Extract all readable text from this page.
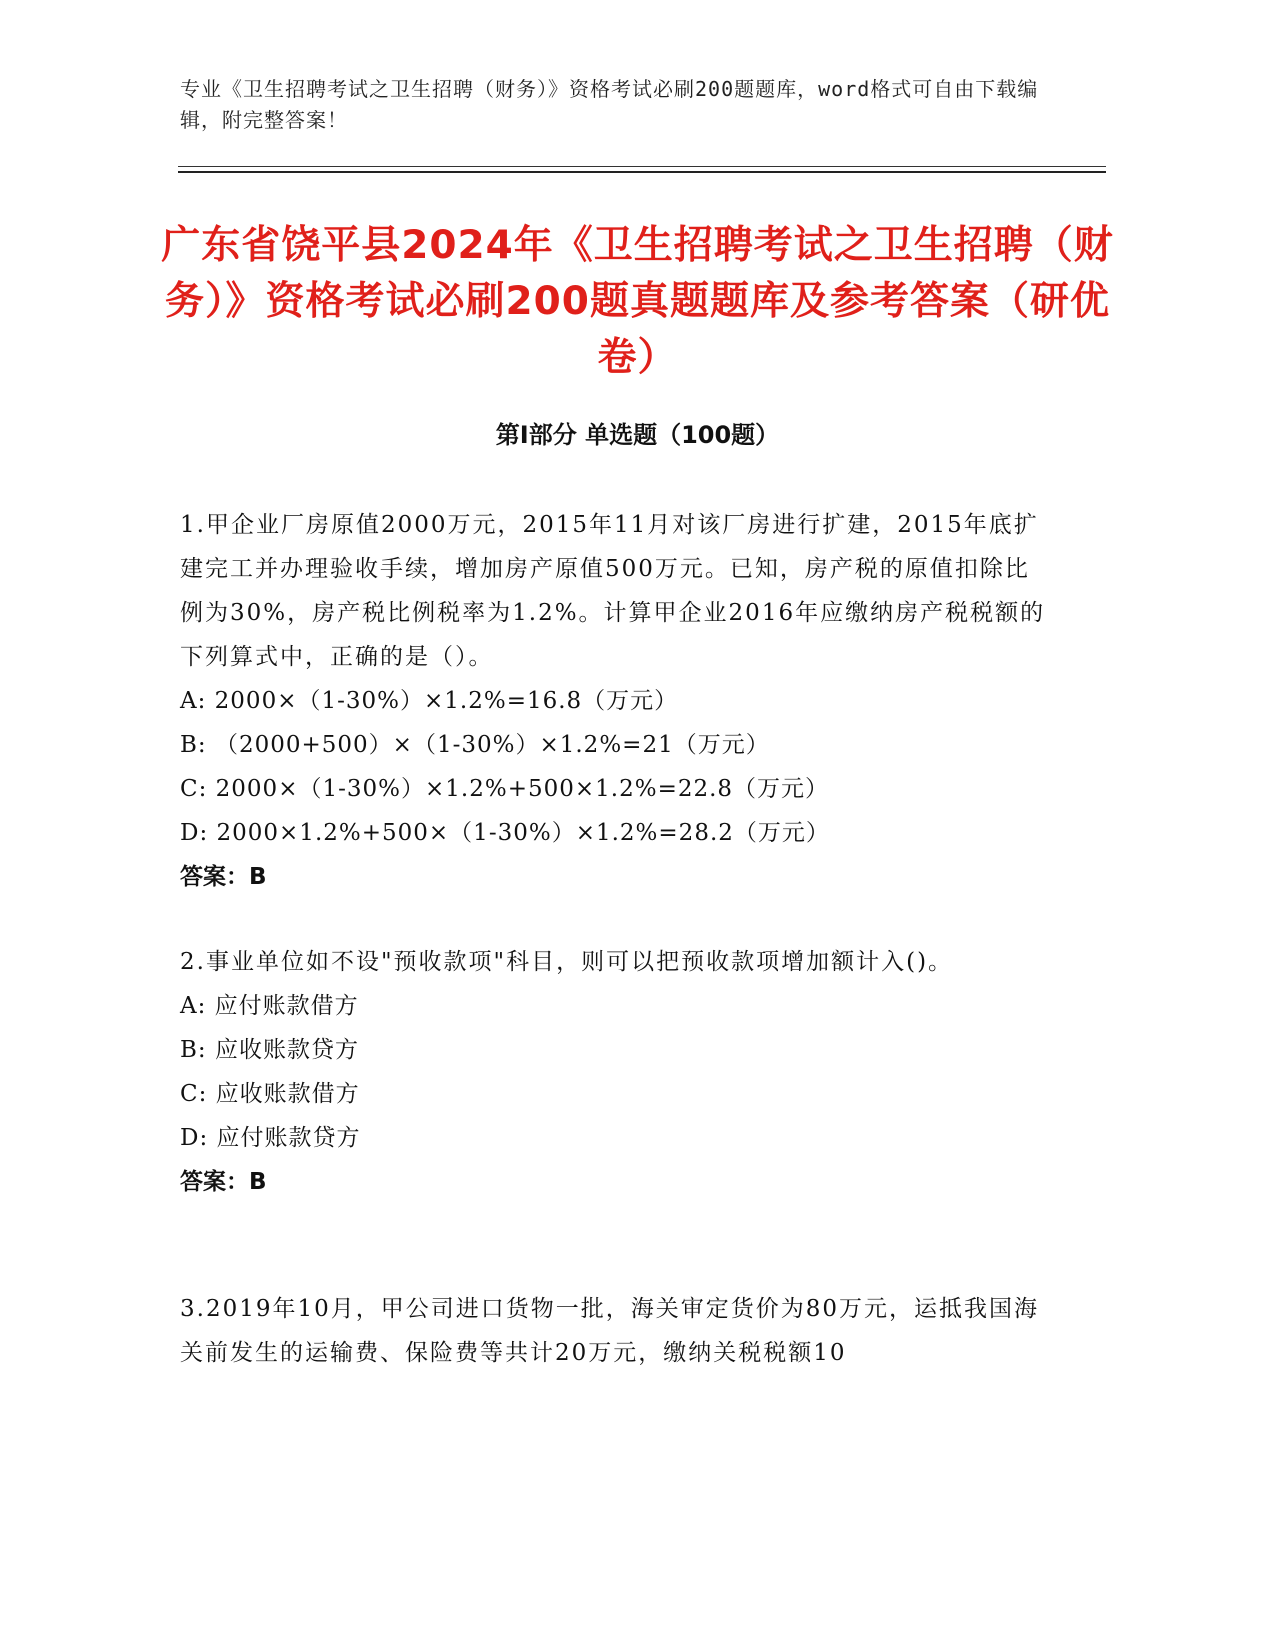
专业《卫生招聘考试之卫生招聘（财务）》资格考试必刷200题题库，word格式可自由下载编辑，附完整答案！
广东省饶平县2024年《卫生招聘考试之卫生招聘（财务）》资格考试必刷200题真题题库及参考答案（研优卷）
第Ⅰ部分 单选题（100题）

1.甲企业厂房原值2000万元，2015年11月对该厂房进行扩建，2015年底扩建完工并办理验收手续，增加房产原值500万元。已知，房产税的原值扣除比例为30%，房产税比例税率为1.2%。计算甲企业2016年应缴纳房产税税额的下列算式中，正确的是（）。

A: 2000×（1-30%）×1.2%=16.8（万元）

B: （2000+500）×（1-30%）×1.2%=21（万元）

C: 2000×（1-30%）×1.2%+500×1.2%=22.8（万元）

D: 2000×1.2%+500×（1-30%）×1.2%=28.2（万元）

答案：B

2.事业单位如不设"预收款项"科目，则可以把预收款项增加额计入()。

A: 应付账款借方

B: 应收账款贷方

C: 应收账款借方

D: 应付账款贷方

答案：B

3.2019年10月，甲公司进口货物一批，海关审定货价为80万元，运抵我国海关前发生的运输费、保险费等共计20万元，缴纳关税税额10
